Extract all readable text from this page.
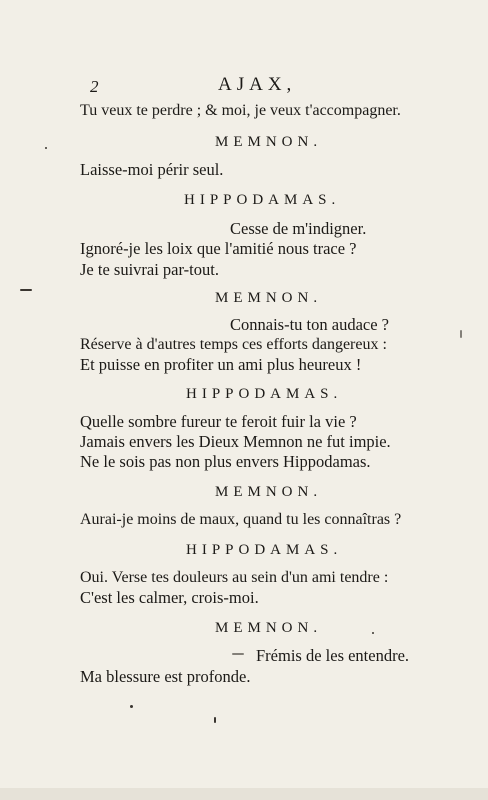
2	AJAX,
Tu veux te perdre ; & moi, je veux t'accompagner.
MEMNON.
Laisse-moi périr seul.
HIPPODAMAS.
Cesse de m'indigner.
Ignoré-je les loix que l'amitié nous trace ?
Je te suivrai par-tout.
MEMNON.
Connais-tu ton audace ?
Réserve à d'autres temps ces efforts dangereux :
Et puisse en profiter un ami plus heureux !
HIPPODAMAS.
Quelle sombre fureur te feroit fuir la vie ?
Jamais envers les Dieux Memnon ne fut impie.
Ne le sois pas non plus envers Hippodamas.
MEMNON.
Aurai-je moins de maux, quand tu les connaîtras ?
HIPPODAMAS.
Oui. Verse tes douleurs au sein d'un ami tendre :
C'est les calmer, crois-moi.
MEMNON.
Frémis de les entendre.
Ma blessure est profonde.
